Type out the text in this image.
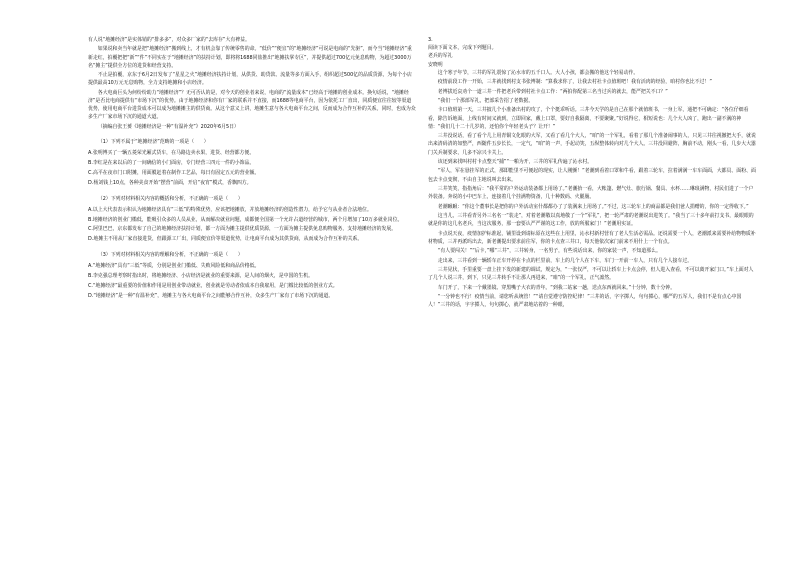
有人说“地摊经济”是实体销的“排多多”，对众多厂家的“去库存”大有裨益。

如果说和卖当年就是把“地摊经济”搬到线上，才有机会靠了传统零售的命。“低价”“便宜”的“地摊经济”可说是电商的“先驱”，而今当“地摊经济”重新走红，拍覆把把“新”“件”不同实在于“地摊经济”的扶持计划，即将将1688同盐推出“地摊扶掌专区”，并提供超过700亿元免息购物，为超过3000万名“摊主”提供全方位的进货和经营支持。

不止是拍覆，京东于6月2日发布了“星星之火”地摊经济扶持计划，从供货、助贷款、流量等多方面入手，组织超过500亿的品质货源，为每个小店提供最高10万元无息购物，全力支持地摊和小店经济。

各大电商巨头为何纷纷助力“地摊经济”？无可否认的是，对今天的创业者来说，电商的“流量成本”已经高于地摊的创业成本。换句话说，“地摊经济”是否比电商提供有“市场下沉”的优势。由于地摊经济和你有厂家的联系并不直接，而1688等电商平台，因为依托工厂直出，同质便宜往往较等渠道优势，使用电商平台进货成本可以成为地摊摊主的供货商。从这个意义上讲，地摊生意与各大电商平台之间，反而成为合作互补的关系。同时，也成为众多生产厂家市场下沉的通道大道。

（摘编自张王赟《地摊经济是一种“有温补充”》2020年6月5日）

（1）下列不属于“地摊经济”范畴的一项是（　　）

A.张明博买了一辆五菱荣光厢式货车，在马路边卖水果，进货、经营都方便。

B.李红是在来以后的了一间确信的小门面房，专门经营三四元一件的小饰品。

C.高平在夜市门口附摊，用面膜赶着在制作工艺品，每日有固定五元的营业额。

D.杨刘钱上10点，各种美食开始“摆营”前面，开启“夜宵”模式，香飘四方。

（2）下列对材料相关内容的概括和分析，不正确的一项是（　　）

A.以上大代表表示积认为地摊经济具有“三低”的特殊优势，应该把地摊放，并放地摊经济的创造性潜力，给予它与从业者合法地位。

B.地摊经济的创业门槛低，能吸引众多的人员从业，从而解决就业问题，成都便全国第一个允许占道经营的城市，两个月增加了10万多就业岗位。

C.阿里巴巴，京东都发布了自己的地摊经济扶持计划，都一方面为摊主提供优质货源，一方面为摊主提供免息购物服务，支持地摊经济的发展。

D.地摊主不用从厂家直接进货，但跟源工厂出，同质便宜价等渠道优势，让电商平台成为其供货商，从而成为合作互补的关系。

（3）下列对材料相关内容的理解和分析，不正确的一项是（　　）

A.“地摊经济”具有“三低”等质，分别是创业门槛低、失败风险低和商品价格低。

B.李克强总理考察时指出时，将地摊经济、小店经济是就业的重要来源，是人间的烟火，是中国的生机。

C.“地摊经济”最重要的价值和作用是用创业带动就业，创业就是劳动者依成本自我雇用，是门槛比较低的创业方式。

D.“地摊经济”是一种“有温补充”，地摊主与各大电商平台之间能够合作互补，众多生产厂家有了市场下沉的通道。

3.

阅读下面文本，完成下列题目。

老兵的军礼

安晓明

这个寒子年节，三井的军礼震惊了沁水市的五千口人。大人小孩，都会搬的他这个轻易动作。

疫情前段工作一开始，三井就找到村支书张博制：“算我求你了，让我去村社卡点值班吧！我有活肉的经验，咱村你也比不过！”

老博拔近哀劝个一道三井一件把老兵带到村社卡点工作：“两拍你配第三名当过兵的就去，能严把关不口？”

“我们一个那部军礼，把部采告招了老数据。

卡口值班第一天，三井披几个小准备出村的攻了，个个挺乖听话。三井今天学的是自己在那个就值班书，一身上军，通把不可确定：“各位仔细看看，除告诉地面，上线有时间义就到，立即回家，戴上口罩，要好自我隔离，不要聚聚。”好说得它，相短说也：几个大人凶了，跑出一副不满的神情：“我们几十二十几岁的，还怕你个年轻老头子？让开！”

三井没说话，看了看个几上用青铜文化眼的大军，又看了看几个大人，“咱”的一个军礼，看着了那几个准备闹事的人，只见三井往视撤把大手，就说出来清码清的如整严，西随件五步长长，一定气，“咱”的一声，手起动笑，五纵整体转向对几个大人。三井没回避阵，胸前不动，刚头一看，几步大大嚣门关兵制要求，几多不凉兴卡关上。

该还到来找叫村村卡点整天“捕”“一啪为开，三井的军礼传遍了沁水村。

“军人，军在悬挂军的正式，那即能里不可便起的现实，让人刚颤！”老潮到看着口罩和牛看，跟着三轮车，拉着满满一车车面面，大都员、面粉、面包去卡点变彻，不由自主地说叫去出来。

三井笑笑，指指角后：“我平常的户外运动装备都上用场了。”老潮抬一看，大帐篷、燃气灶、旅行锅、餐具、水杯……琳琅满物，村民们进了一个户外装备。奔说的小中巴车上，连接着几个挂满物资备，几十种数码、火腿肠。

老潮瞅瞅：“你这个董事长是把你的户外活动室什都都办了了装满来上用场了。”不过，这三轮车上的商品都是我们爸人捐赠的，你的一定得收下。”

这当儿，三井看青另外三名名一“装走”，对着老潮敬以真地敬了一个“军礼”，把一轮严肃的老潮说出进笑了。“我当了三十多年前打支书，最眼眼的就是你的这几名老兵，当这次服务，那一套要认严严谨的这工作，放的所服家门！”老潮用实证。

卡点说天夜，疫情加护标准起，铺里设到请标原在这些在上用里，沁水村新村营有了老人生活必需品。还说需要一个人，老潮派来需要补给物物质补材物质，三并再派吗出去，新老潮提出要求前往军，你的卡点查三井口，每天他依次家门前来不用什上一个有点。

“有人要闯关！”“后卡，”哪“三井”，三井转身，一名男子，有些说话出来，你的家装一声，不知道那么。

走出来，三井看到一辆轿车正车开停在卡点的栏里前，车上的几个人在下车，车门一开前一车人，只有几个人接车过。

三井见状，手里重要一盘上挂下发的新建的调试，规定为，“一张仅严，不可以让轿车上卡点会停，但人进入查看，不可以离开家门口。”车上面对人了几个人说三井，到下，只见三井转手不让那人再进来，“咱”的一个军礼，正气凛然。

车门开了，下来一个戴墨镜、穿黑嘴子大衣的青年。“到我二姑家一趟，送点东西就回来。”十分钟，数十分钟。

“一分钟也不行！疫情当前，请您听从统管！”“请自觉遵守防控纪律！”三井的话，字字掷人，句句掷心，哪严的五军人，我们不是有点心中国人！”三井的话，字字掷人，句句掷心，就严肃地站着的一种眼，
